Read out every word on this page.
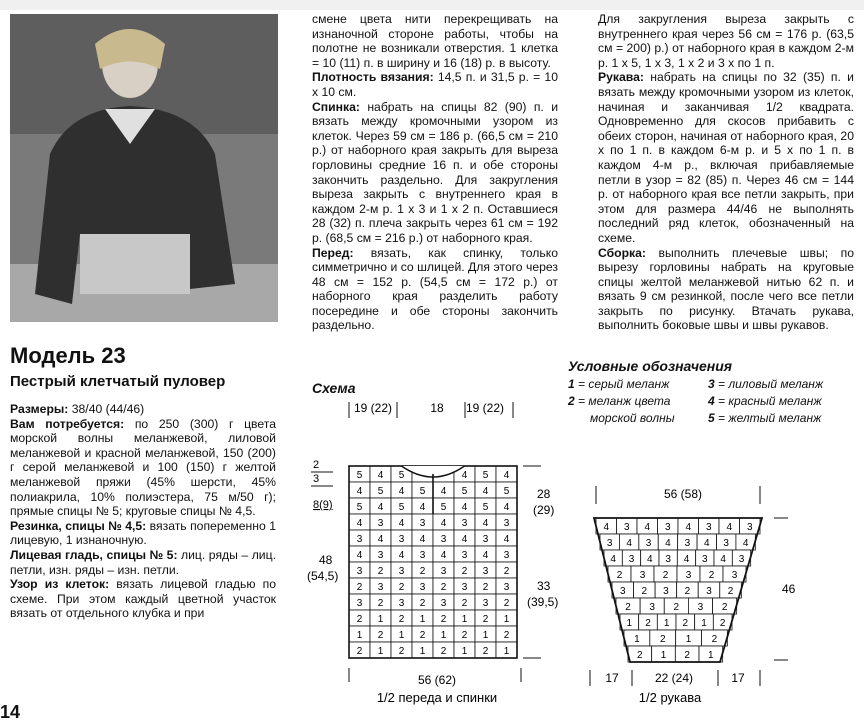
Модель 23
Пестрый клетчатый пуловер

Размеры: 38/40 (44/46)

Вам потребуется: по 250 (300) г цвета морской волны меланжевой, лиловой меланжевой и красной меланжевой, 150 (200) г серой меланжевой и 100 (150) г желтой меланжевой пряжи (45% шерсти, 45% полиакрила, 10% полиэстера, 75 м/50 г); прямые спицы № 5; круговые спицы № 4,5.

Резинка, спицы № 4,5: вязать попеременно 1 лицевую, 1 изнаночную.

Лицевая гладь, спицы № 5: лиц. ряды – лиц. петли, изн. ряды – изн. петли.

Узор из клеток: вязать лицевой гладью по схеме. При этом каждый цветной участок вязать от отдельного клубка и при

14

смене цвета нити перекрещивать на изнаночной стороне работы, чтобы на полотне не возникали отверстия. 1 клетка = 10 (11) п. в ширину и 16 (18) р. в высоту.

Плотность вязания: 14,5 п. и 31,5 р. = 10 х 10 см.

Спинка: набрать на спицы 82 (90) п. и вязать между кромочными узором из клеток. Через 59 см = 186 р. (66,5 см = 210 р.) от наборного края закрыть для выреза горловины средние 16 п. и обе стороны закончить раздельно. Для закругления выреза закрыть с внутреннего края в каждом 2-м р. 1 х 3 и 1 х 2 п. Оставшиеся 28 (32) п. плеча закрыть через 61 см = 192 р. (68,5 см = 216 р.) от наборного края.

Перед: вязать, как спинку, только симметрично и со шлицей. Для этого через 48 см = 152 р. (54,5 см = 172 р.) от наборного края разделить работу посередине и обе стороны закончить раздельно.

Для закругления выреза закрыть с внутреннего края через 56 см = 176 р. (63,5 см = 200) р.) от наборного края в каждом 2-м р. 1 х 5, 1 х 3, 1 х 2 и 3 х по 1 п.

Рукава: набрать на спицы по 32 (35) п. и вязать между кромочными узором из клеток, начиная и заканчивая 1/2 квадрата. Одновременно для скосов прибавить с обеих сторон, начиная от наборного края, 20 х по 1 п. в каждом 6-м р. и 5 х по 1 п. в каждом 4-м р., включая прибавляемые петли в узор = 82 (85) п. Через 46 см = 144 р. от наборного края все петли закрыть, при этом для размера 44/46 не выполнять последний ряд клеток, обозначенный на схеме.

Сборка: выполнить плечевые швы; по вырезу горловины набрать на круговые спицы желтой меланжевой нитью 62 п. и вязать 9 см резинкой, после чего все петли закрыть по рисунку. Втачать рукава, выполнить боковые швы и швы рукавов.

Схема
5 4 5	4 5 4
4 5 4 5 4 5 4 5
5 4 5 4 5 4 5 4
4 3 4 3 4 3 4 3
3 4 3 4 3 4 3 4
4 3 4 3 4 3 4 3
3 2 3 2 3 2 3 2
2 3 2 3 2 3 2 3
3 2 3 2 3 2 3 2
2 1 2 1 2 1 2 1
1 2 1 2 1 2 1 2
2 1 2 1 2 1 2 1
19 (22)	18 19 (22)
2
3
8(9)
48
(54,5)
28
(29)
33
(39,5)
56 (62)
1/2 переда и спинки
Условные обозначения
1 = серый меланж	3 = лиловый меланж
2 = меланж цвета	4 = красный меланж
морской волны	5 = желтый меланж
4 3 4 3 4 3 4 3
3 4 3 4 3 4 3 4
4 3 4 3 4 3 4 3
2 3 2 3 2 3
3 2 3 2 3 2
2 3 2 3 2
1 2 1 2 1 2
1 2 1 2
2 1 2 1
56 (58)
46
17	22 (24)	17
1/2 рукава
